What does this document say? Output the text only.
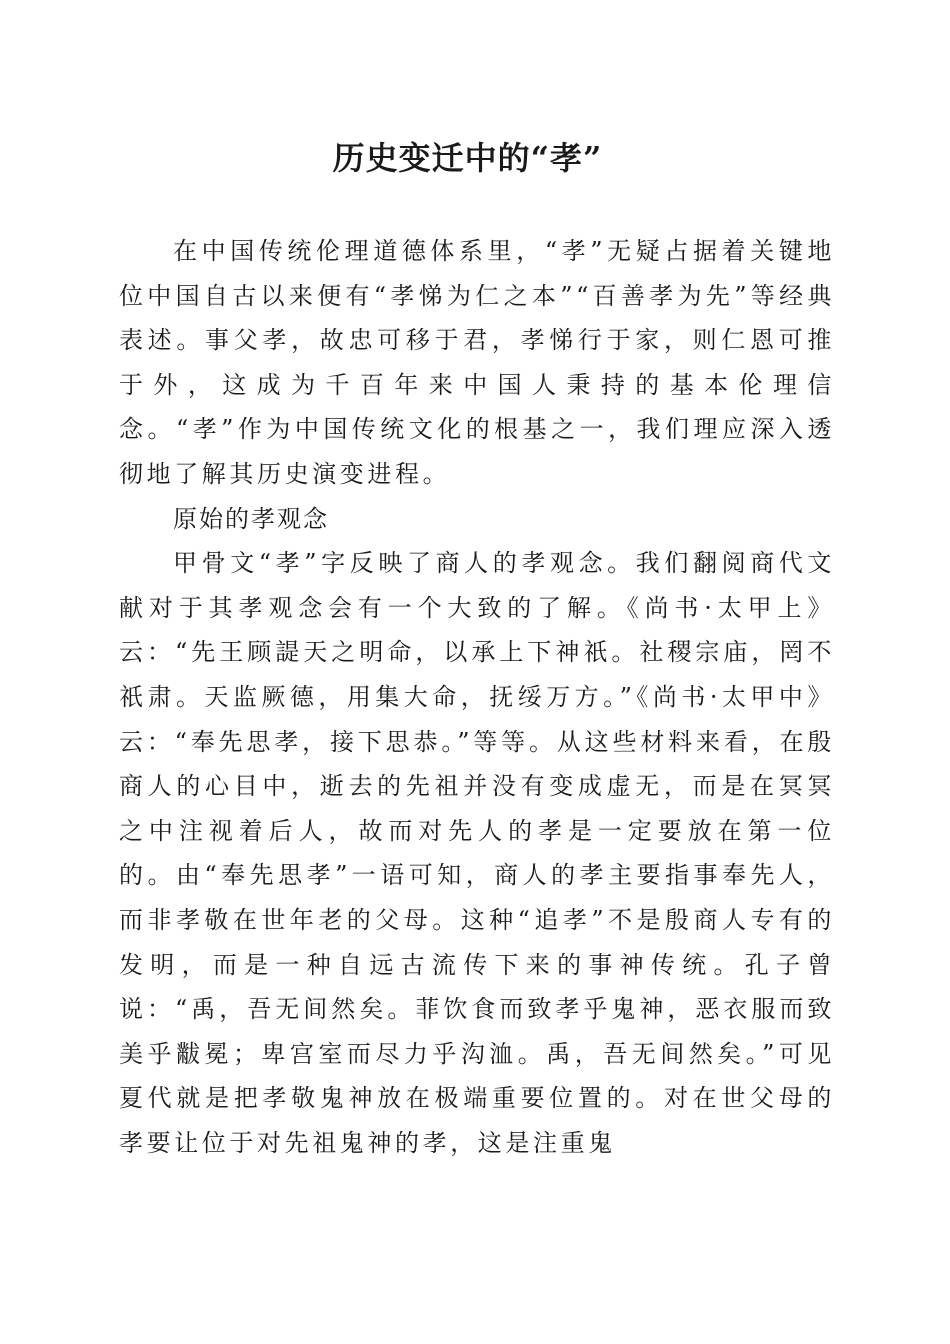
历史变迁中的“孝”

在中国传统伦理道德体系里，“孝”无疑占据着关键地位中国自古以来便有“孝悌为仁之本”“百善孝为先”等经典表述。事父孝，故忠可移于君，孝悌行于家，则仁恩可推于外，这成为千百年来中国人秉持的基本伦理信念。“孝”作为中国传统文化的根基之一，我们理应深入透彻地了解其历史演变进程。

原始的孝观念

甲骨文“孝”字反映了商人的孝观念。我们翻阅商代文献对于其孝观念会有一个大致的了解。《尚书·太甲上》云：“先王顾諟天之明命，以承上下神祇。社稷宗庙，罔不祇肃。天监厥德，用集大命，抚绥万方。”《尚书·太甲中》云：“奉先思孝，接下思恭。”等等。从这些材料来看，在殷商人的心目中，逝去的先祖并没有变成虚无，而是在冥冥之中注视着后人，故而对先人的孝是一定要放在第一位的。由“奉先思孝”一语可知，商人的孝主要指事奉先人，而非孝敬在世年老的父母。这种“追孝”不是殷商人专有的发明，而是一种自远古流传下来的事神传统。孔子曾说：“禹，吾无间然矣。菲饮食而致孝乎鬼神，恶衣服而致美乎黻冕；卑宫室而尽力乎沟洫。禹，吾无间然矣。”可见夏代就是把孝敬鬼神放在极端重要位置的。对在世父母的孝要让位于对先祖鬼神的孝，这是注重鬼
